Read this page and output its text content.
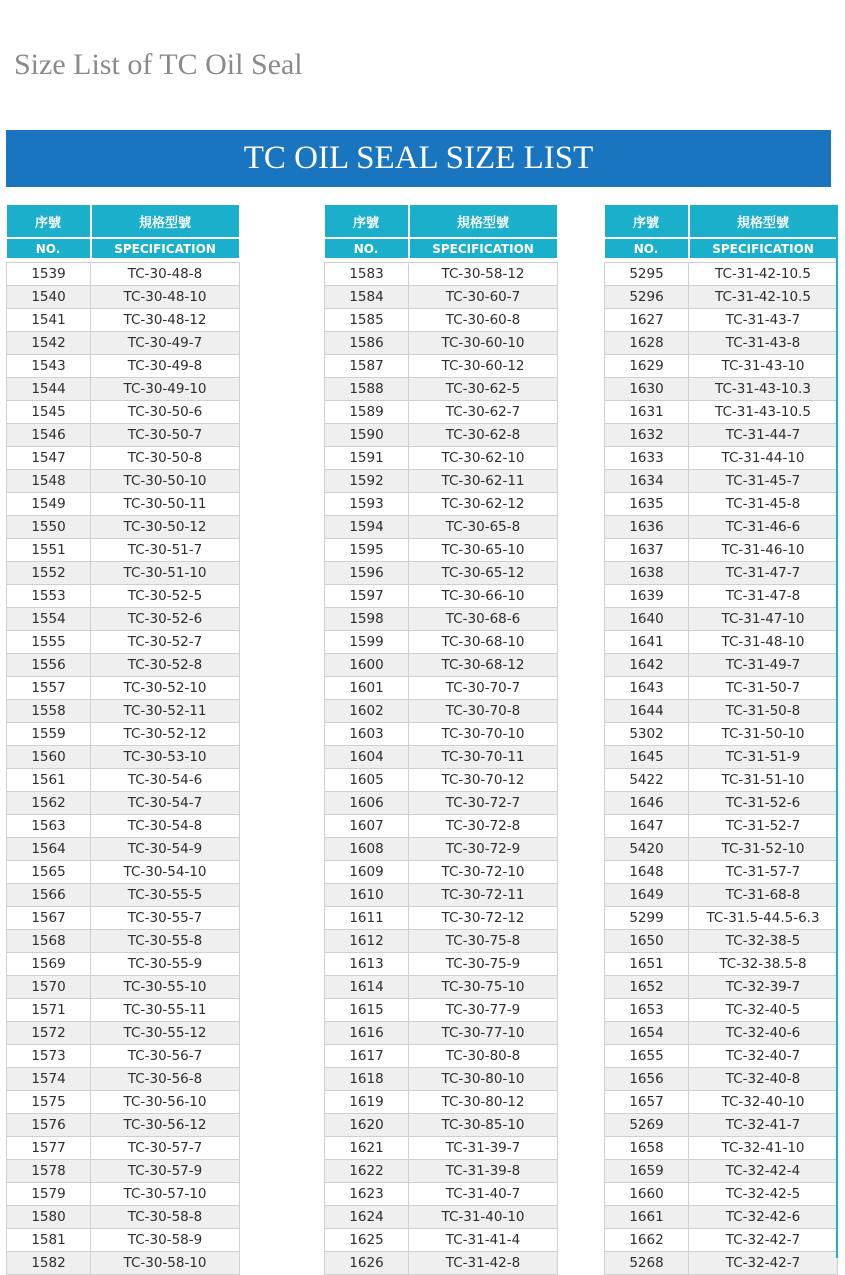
Size List of TC Oil Seal
TC OIL SEAL SIZE LIST
序號	規格型號
NO.	SPECIFICATION

1539	TC-30-48-8
1540	TC-30-48-10
1541	TC-30-48-12
1542	TC-30-49-7
1543	TC-30-49-8
1544	TC-30-49-10
1545	TC-30-50-6
1546	TC-30-50-7
1547	TC-30-50-8
1548	TC-30-50-10
1549	TC-30-50-11
1550	TC-30-50-12
1551	TC-30-51-7
1552	TC-30-51-10
1553	TC-30-52-5
1554	TC-30-52-6
1555	TC-30-52-7
1556	TC-30-52-8
1557	TC-30-52-10
1558	TC-30-52-11
1559	TC-30-52-12
1560	TC-30-53-10
1561	TC-30-54-6
1562	TC-30-54-7
1563	TC-30-54-8
1564	TC-30-54-9
1565	TC-30-54-10
1566	TC-30-55-5
1567	TC-30-55-7
1568	TC-30-55-8
1569	TC-30-55-9
1570	TC-30-55-10
1571	TC-30-55-11
1572	TC-30-55-12
1573	TC-30-56-7
1574	TC-30-56-8
1575	TC-30-56-10
1576	TC-30-56-12
1577	TC-30-57-7
1578	TC-30-57-9
1579	TC-30-57-10
1580	TC-30-58-8
1581	TC-30-58-9
1582	TC-30-58-10
序號	規格型號
NO.	SPECIFICATION

1583	TC-30-58-12
1584	TC-30-60-7
1585	TC-30-60-8
1586	TC-30-60-10
1587	TC-30-60-12
1588	TC-30-62-5
1589	TC-30-62-7
1590	TC-30-62-8
1591	TC-30-62-10
1592	TC-30-62-11
1593	TC-30-62-12
1594	TC-30-65-8
1595	TC-30-65-10
1596	TC-30-65-12
1597	TC-30-66-10
1598	TC-30-68-6
1599	TC-30-68-10
1600	TC-30-68-12
1601	TC-30-70-7
1602	TC-30-70-8
1603	TC-30-70-10
1604	TC-30-70-11
1605	TC-30-70-12
1606	TC-30-72-7
1607	TC-30-72-8
1608	TC-30-72-9
1609	TC-30-72-10
1610	TC-30-72-11
1611	TC-30-72-12
1612	TC-30-75-8
1613	TC-30-75-9
1614	TC-30-75-10
1615	TC-30-77-9
1616	TC-30-77-10
1617	TC-30-80-8
1618	TC-30-80-10
1619	TC-30-80-12
1620	TC-30-85-10
1621	TC-31-39-7
1622	TC-31-39-8
1623	TC-31-40-7
1624	TC-31-40-10
1625	TC-31-41-4
1626	TC-31-42-8
序號	規格型號
NO.	SPECIFICATION

5295	TC-31-42-10.5
5296	TC-31-42-10.5
1627	TC-31-43-7
1628	TC-31-43-8
1629	TC-31-43-10
1630	TC-31-43-10.3
1631	TC-31-43-10.5
1632	TC-31-44-7
1633	TC-31-44-10
1634	TC-31-45-7
1635	TC-31-45-8
1636	TC-31-46-6
1637	TC-31-46-10
1638	TC-31-47-7
1639	TC-31-47-8
1640	TC-31-47-10
1641	TC-31-48-10
1642	TC-31-49-7
1643	TC-31-50-7
1644	TC-31-50-8
5302	TC-31-50-10
1645	TC-31-51-9
5422	TC-31-51-10
1646	TC-31-52-6
1647	TC-31-52-7
5420	TC-31-52-10
1648	TC-31-57-7
1649	TC-31-68-8
5299	TC-31.5-44.5-6.3
1650	TC-32-38-5
1651	TC-32-38.5-8
1652	TC-32-39-7
1653	TC-32-40-5
1654	TC-32-40-6
1655	TC-32-40-7
1656	TC-32-40-8
1657	TC-32-40-10
5269	TC-32-41-7
1658	TC-32-41-10
1659	TC-32-42-4
1660	TC-32-42-5
1661	TC-32-42-6
1662	TC-32-42-7
5268	TC-32-42-7
